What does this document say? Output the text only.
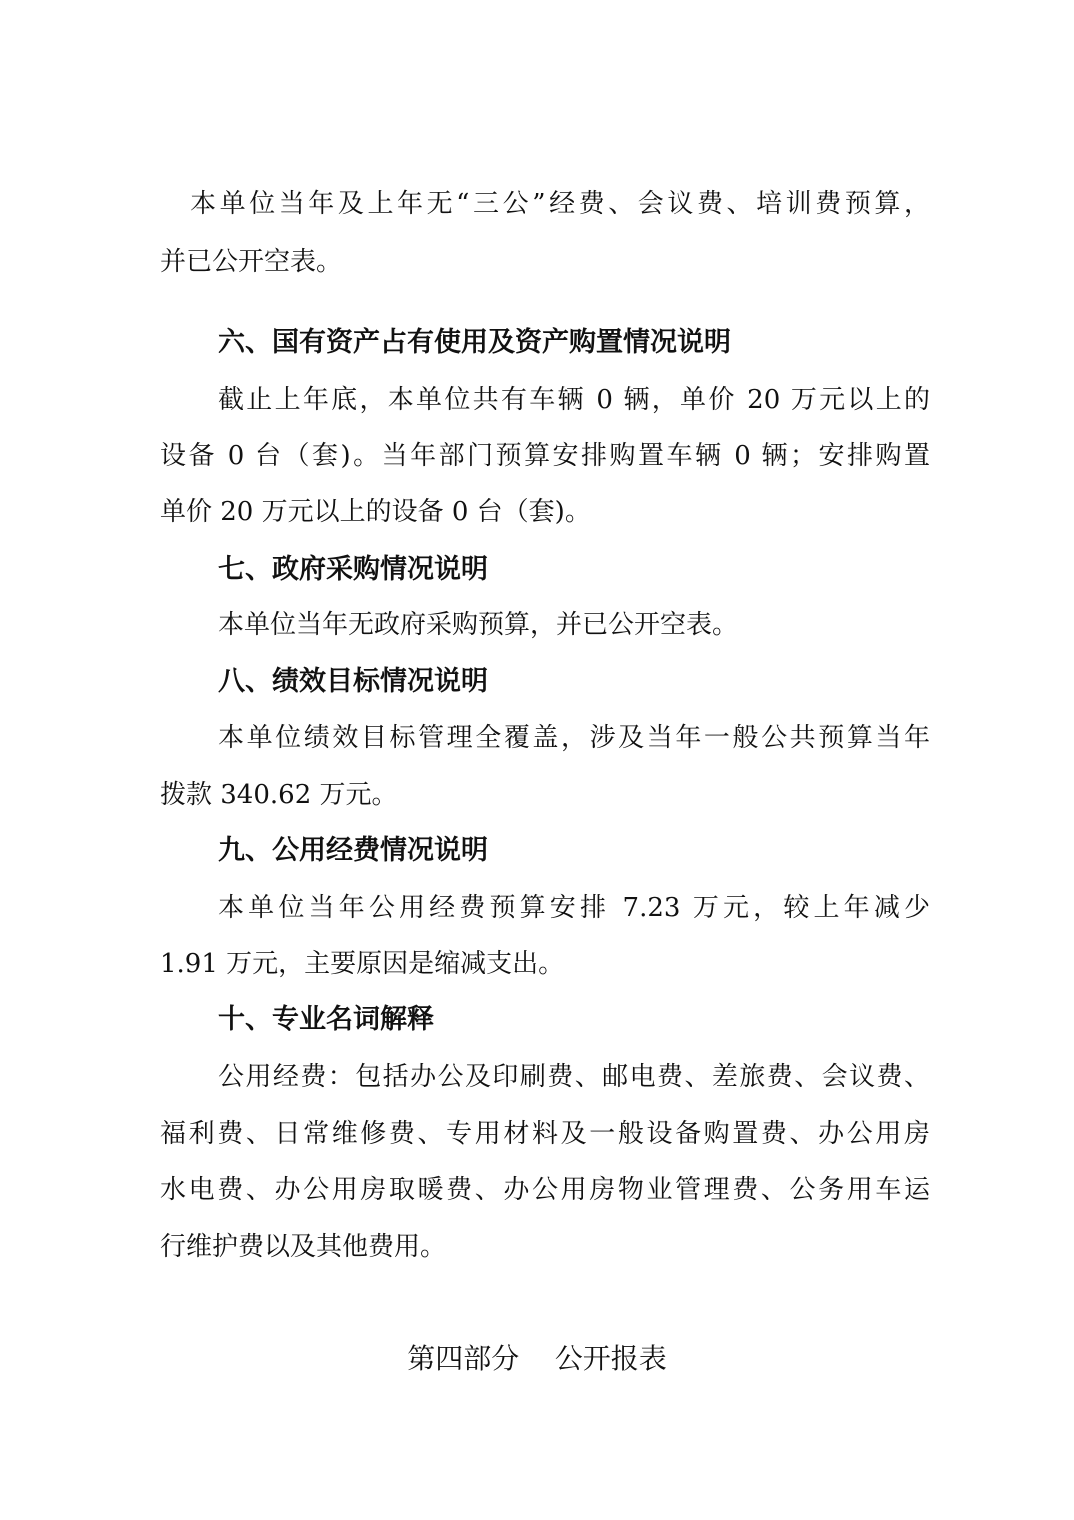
本单位当年及上年无“三公”经费、会议费、培训费预算，
并已公开空表。
六、国有资产占有使用及资产购置情况说明
截止上年底，本单位共有车辆 0 辆，单价 20 万元以上的
设备 0 台（套)。当年部门预算安排购置车辆 0 辆；安排购置
单价 20 万元以上的设备 0 台（套)。
七、政府采购情况说明
本单位当年无政府采购预算，并已公开空表。
八、绩效目标情况说明
本单位绩效目标管理全覆盖，涉及当年一般公共预算当年
拨款 340.62 万元。
九、公用经费情况说明
本单位当年公用经费预算安排 7.23 万元，较上年减少
1.91 万元，主要原因是缩减支出。
十、专业名词解释
公用经费：包括办公及印刷费、邮电费、差旅费、会议费、
福利费、日常维修费、专用材料及一般设备购置费、办公用房
水电费、办公用房取暖费、办公用房物业管理费、公务用车运
行维护费以及其他费用。
第四部分    公开报表
